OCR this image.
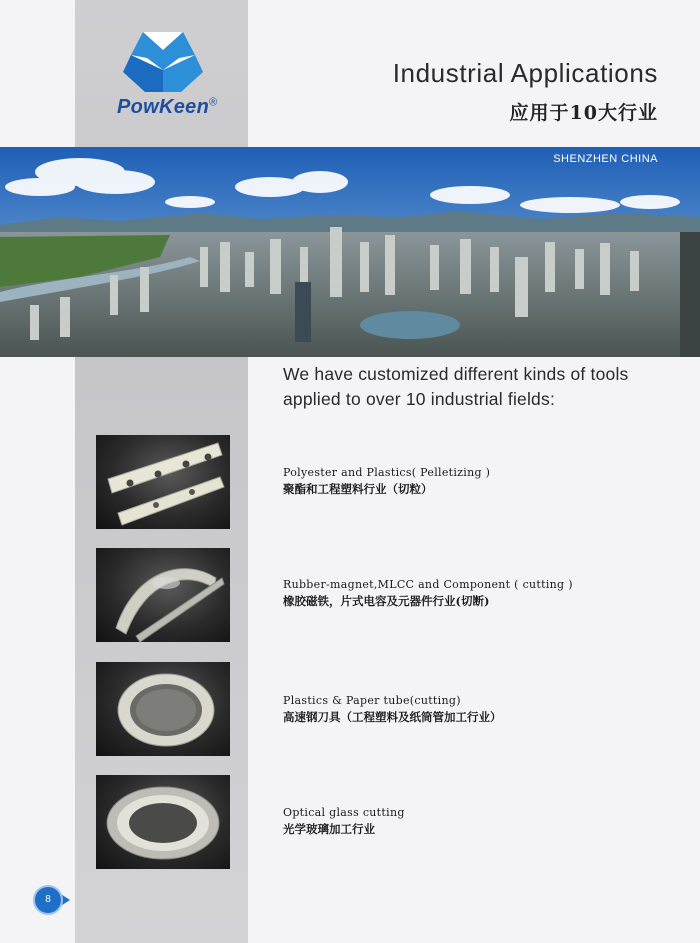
PowKeen®
Industrial Applications
应用于10大行业
SHENZHEN CHINA
We have customized different kinds of tools
applied to over 10 industrial fields:
Polyester and Plastics( Pelletizing )
聚酯和工程塑料行业（切粒）
Rubber-magnet,MLCC and Component ( cutting )
橡胶磁铁，片式电容及元器件行业(切断)
Plastics & Paper tube(cutting)
高速钢刀具（工程塑料及纸筒管加工行业）
Optical glass cutting
光学玻璃加工行业
8
